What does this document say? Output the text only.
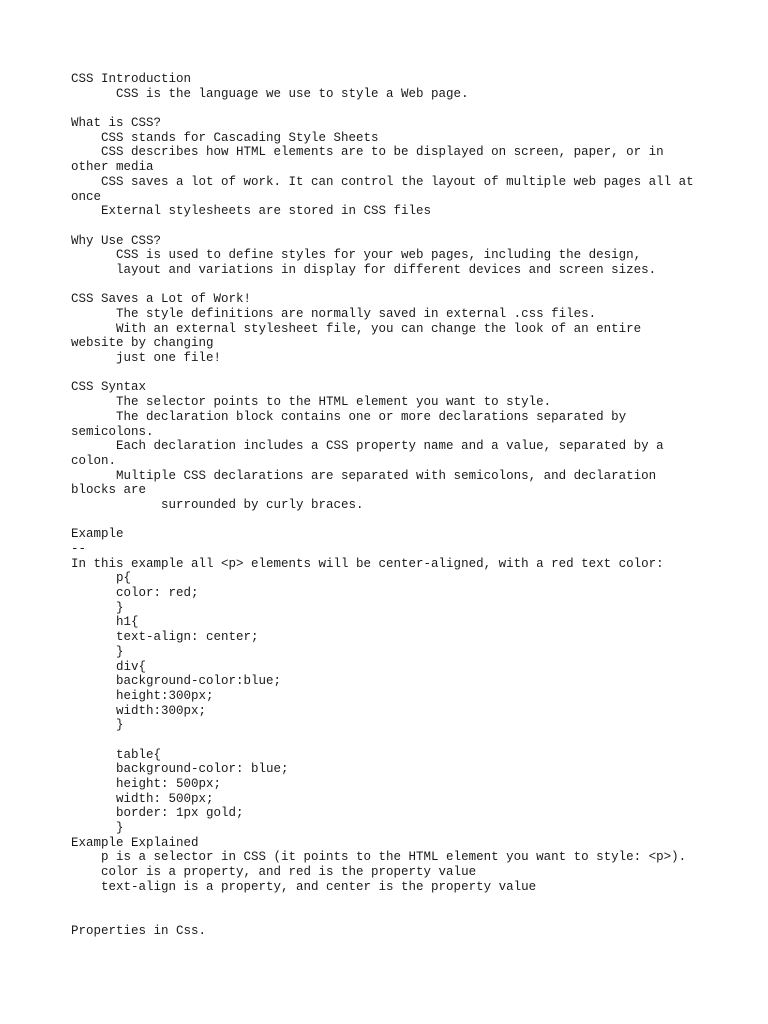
CSS Introduction
CSS is the language we use to style a Web page.
What is CSS?
CSS stands for Cascading Style Sheets
CSS describes how HTML elements are to be displayed on screen, paper, or in
other media
CSS saves a lot of work. It can control the layout of multiple web pages all at
once
External stylesheets are stored in CSS files
Why Use CSS?
CSS is used to define styles for your web pages, including the design,
layout and variations in display for different devices and screen sizes.
CSS Saves a Lot of Work!
The style definitions are normally saved in external .css files.
With an external stylesheet file, you can change the look of an entire
website by changing
just one file!
CSS Syntax
The selector points to the HTML element you want to style.
The declaration block contains one or more declarations separated by
semicolons.
Each declaration includes a CSS property name and a value, separated by a
colon.
Multiple CSS declarations are separated with semicolons, and declaration
blocks are
surrounded by curly braces.
Example
--
In this example all <p> elements will be center-aligned, with a red text color:
p{
color: red;
}
h1{
text-align: center;
}
div{
background-color:blue;
height:300px;
width:300px;
}
table{
background-color: blue;
height: 500px;
width: 500px;
border: 1px gold;
}
Example Explained
p is a selector in CSS (it points to the HTML element you want to style: <p>).
color is a property, and red is the property value
text-align is a property, and center is the property value
Properties in Css.
